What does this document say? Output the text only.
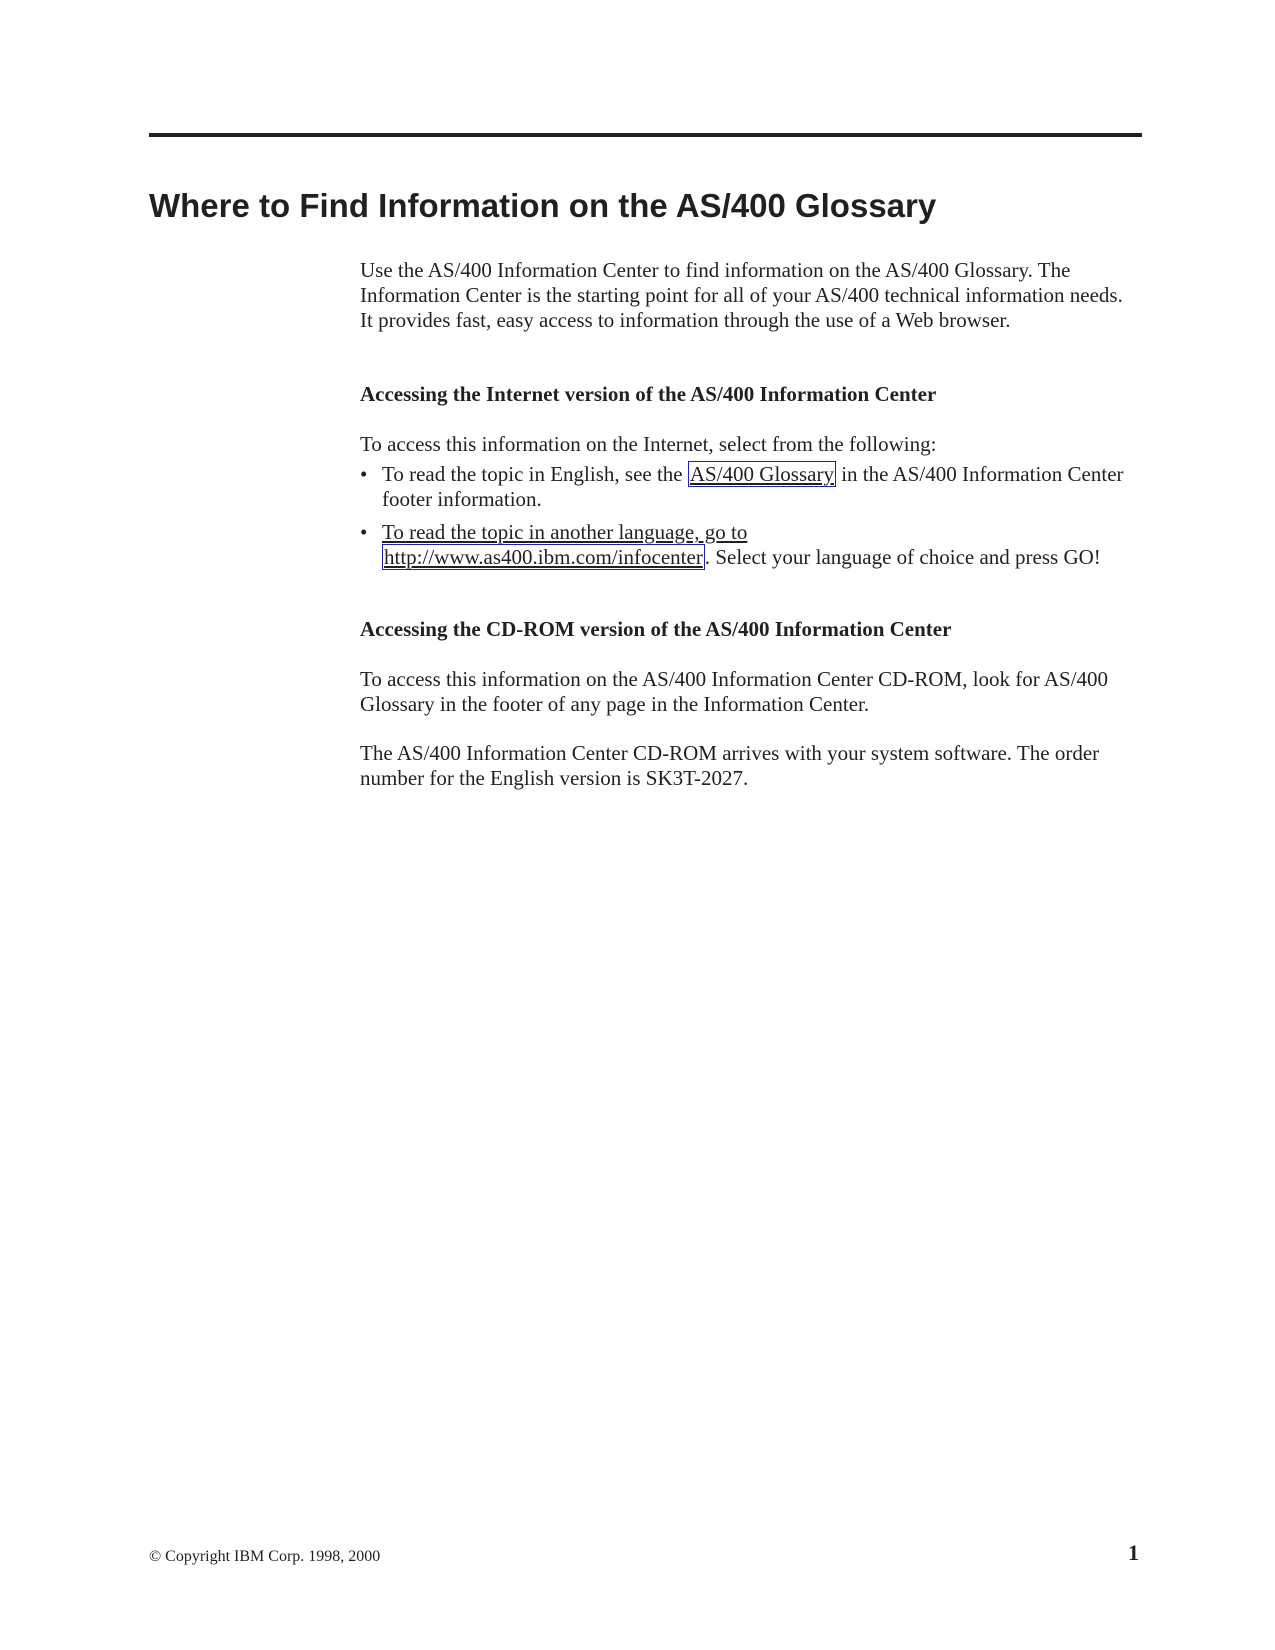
Where to Find Information on the AS/400 Glossary

Use the AS/400 Information Center to find information on the AS/400 Glossary. The Information Center is the starting point for all of your AS/400 technical information needs. It provides fast, easy access to information through the use of a Web browser.

Accessing the Internet version of the AS/400 Information Center

To access this information on the Internet, select from the following:

• To read the topic in English, see the AS/400 Glossary in the AS/400 Information Center footer information.
• To read the topic in another language, go to
http://www.as400.ibm.com/infocenter. Select your language of choice and press GO!
Accessing the CD-ROM version of the AS/400 Information Center

To access this information on the AS/400 Information Center CD-ROM, look for AS/400 Glossary in the footer of any page in the Information Center.

The AS/400 Information Center CD-ROM arrives with your system software. The order number for the English version is SK3T-2027.

© Copyright IBM Corp. 1998, 2000	1
